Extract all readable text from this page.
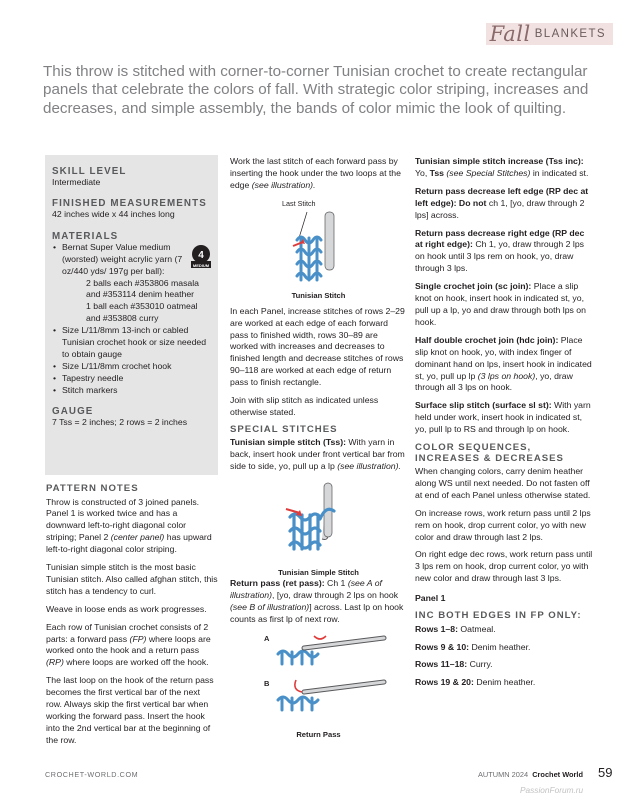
Fall BLANKETS
This throw is stitched with corner-to-corner Tunisian crochet to create rectangular panels that celebrate the colors of fall. With strategic color striping, increases and decreases, and simple assembly, the bands of color mimic the look of quilting.
SKILL LEVEL
Intermediate
FINISHED MEASUREMENTS
42 inches wide x 44 inches long
MATERIALS
4
MEDIUM
• Bernat Super Value medium (worsted) weight acrylic yarn (7 oz/440 yds/ 197g per ball):
2 balls each #353806 masala and #353114 denim heather
1 ball each #353010 oatmeal and #353808 curry
• Size L/11/8mm 13-inch or cabled Tunisian crochet hook or size needed to obtain gauge
• Size L/11/8mm crochet hook
• Tapestry needle
• Stitch markers
GAUGE
7 Tss = 2 inches; 2 rows = 2 inches
PATTERN NOTES

Throw is constructed of 3 joined panels. Panel 1 is worked twice and has a downward left-to-right diagonal color striping; Panel 2 (center panel) has upward left-to-right diagonal color striping.

Tunisian simple stitch is the most basic Tunisian stitch. Also called afghan stitch, this stitch has a tendency to curl.

Weave in loose ends as work progresses.

Each row of Tunisian crochet consists of 2 parts: a forward pass (FP) where loops are worked onto the hook and a return pass (RP) where loops are worked off the hook.

The last loop on the hook of the return pass becomes the first vertical bar of the next row. Always skip the first vertical bar when working the forward pass. Insert the hook into the 2nd vertical bar at the beginning of the row.

Work the last stitch of each forward pass by inserting the hook under the two loops at the edge (see illustration).

Last Stitch
Tunisian Stitch

In each Panel, increase stitches of rows 2–29 are worked at each edge of each forward pass to finished width, rows 30–89 are worked with increases and decreases to finished length and decrease stitches of rows 90–118 are worked at each edge of return pass to finish rectangle.

Join with slip stitch as indicated unless otherwise stated.

SPECIAL STITCHES

Tunisian simple stitch (Tss): With yarn in back, insert hook under front vertical bar from side to side, yo, pull up a lp (see illustration).

Tunisian Simple Stitch

Return pass (ret pass): Ch 1 (see A of illustration), [yo, draw through 2 lps on hook (see B of illustration)] across. Last lp on hook counts as first lp of next row.

A
B
Return Pass

Tunisian simple stitch increase (Tss inc): Yo, Tss (see Special Stitches) in indicated st.

Return pass decrease left edge (RP dec at left edge): Do not ch 1, [yo, draw through 2 lps] across.

Return pass decrease right edge (RP dec at right edge): Ch 1, yo, draw through 2 lps on hook until 3 lps rem on hook, yo, draw through 3 lps.

Single crochet join (sc join): Place a slip knot on hook, insert hook in indicated st, yo, pull up a lp, yo and draw through both lps on hook.

Half double crochet join (hdc join): Place slip knot on hook, yo, with index finger of dominant hand on lps, insert hook in indicated st, yo, pull up lp (3 lps on hook), yo, draw through all 3 lps on hook.

Surface slip stitch (surface sl st): With yarn held under work, insert hook in indicated st, yo, pull lp to RS and through lp on hook.

COLOR SEQUENCES, INCREASES & DECREASES

When changing colors, carry denim heather along WS until next needed. Do not fasten off at end of each Panel unless otherwise stated.

On increase rows, work return pass until 2 lps rem on hook, drop current color, yo with new color and draw through last 2 lps.

On right edge dec rows, work return pass until 3 lps rem on hook, drop current color, yo with new color and draw through last 3 lps.

Panel 1

INC BOTH EDGES IN FP ONLY:

Rows 1–8: Oatmeal.

Rows 9 & 10: Denim heather.

Rows 11–18: Curry.

Rows 19 & 20: Denim heather.

CROCHET-WORLD.COM	AUTUMN 2024 Crochet World 59
PassionForum.ru
